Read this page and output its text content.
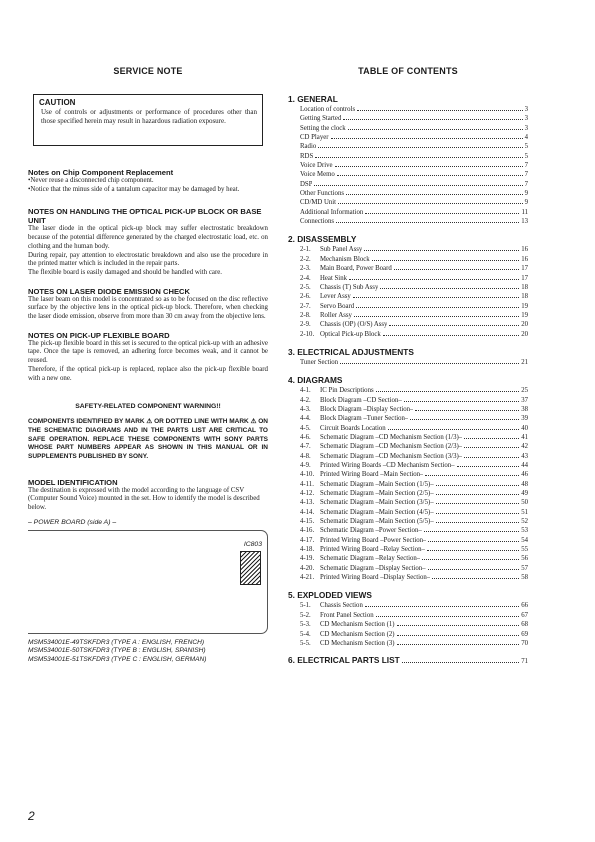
SERVICE NOTE
CAUTION
Use of controls or adjustments or performance of procedures other than those specified herein may result in hazardous radiation exposure.
Notes on Chip Component Replacement
•Never reuse a disconnected chip component.
•Notice that the minus side of a tantalum capacitor may be damaged by heat.
NOTES ON HANDLING THE OPTICAL PICK-UP BLOCK OR BASE UNIT
The laser diode in the optical pick-up block may suffer electrostatic breakdown because of the potential difference generated by the charged electrostatic load, etc. on clothing and the human body.
During repair, pay attention to electrostatic breakdown and also use the procedure in the printed matter which is included in the repair parts.
The flexible board is easily damaged and should be handled with care.
NOTES ON LASER DIODE EMISSION CHECK
The laser beam on this model is concentrated so as to be focused on the disc reflective surface by the objective lens in the optical pick-up block. Therefore, when checking the laser diode emission, observe from more than 30 cm away from the objective lens.
NOTES ON PICK-UP FLEXIBLE BOARD
The pick-up flexible board in this set is secured to the optical pick-up with an adhesive tape. Once the tape is removed, an adhering force becomes weak, and it cannot be reused.
Therefore, if the optical pick-up is replaced, replace also the pick-up flexible board with a new one.
SAFETY-RELATED COMPONENT WARNING!!
COMPONENTS IDENTIFIED BY MARK ⚠ OR DOTTED LINE WITH MARK ⚠ ON THE SCHEMATIC DIAGRAMS AND IN THE PARTS LIST ARE CRITICAL TO SAFE OPERATION. REPLACE THESE COMPONENTS WITH SONY PARTS WHOSE PART NUMBERS APPEAR AS SHOWN IN THIS MANUAL OR IN SUPPLEMENTS PUBLISHED BY SONY.
MODEL IDENTIFICATION
The destination is expressed with the model according to the language of CSV (Computer Sound Voice) mounted in the set. How to identify the model is described below.
– POWER BOARD (side A) –
IC803
MSM534001E-49TSKFDR3 (TYPE A : ENGLISH, FRENCH)
MSM534001E-50TSKFDR3 (TYPE B : ENGLISH, SPANISH)
MSM534001E-51TSKFDR3 (TYPE C : ENGLISH, GERMAN)
2
TABLE OF CONTENTS
1. GENERAL
Location of controls	3
Getting Started	3
Setting the clock	3
CD Player	4
Radio	5
RDS	5
Voice Drive	7
Voice Memo	7
DSP	7
Other Functions	9
CD/MD Unit	9
Additional Information	11
Connections	13
2. DISASSEMBLY
2-1.	Sub Panel Assy	16
2-2.	Mechanism Block	16
2-3.	Main Board, Power Board	17
2-4.	Heat Sink	17
2-5.	Chassis (T) Sub Assy	18
2-6.	Lever Assy	18
2-7.	Servo Board	19
2-8.	Roller Assy	19
2-9.	Chassis (OP) (O/S) Assy	20
2-10. Optical Pick-up Block	20
3. ELECTRICAL ADJUSTMENTS
Tuner Section	21
4. DIAGRAMS
4-1.	IC Pin Descriptions	25
4-2.	Block Diagram –CD Section–	37
4-3.	Block Diagram –Display Section–	38
4-4.	Block Diagram –Tuner Section–	39
4-5.	Circuit Boards Location	40
4-6.	Schematic Diagram –CD Mechanism Section (1/3)–	41
4-7.	Schematic Diagram –CD Mechanism Section (2/3)–	42
4-8.	Schematic Diagram –CD Mechanism Section (3/3)–	43
4-9.	Printed Wiring Boards –CD Mechanism Section–	44
4-10. Printed Wiring Board –Main Section–	46
4-11. Schematic Diagram –Main Section (1/5)–	48
4-12. Schematic Diagram –Main Section (2/5)–	49
4-13. Schematic Diagram –Main Section (3/5)–	50
4-14. Schematic Diagram –Main Section (4/5)–	51
4-15. Schematic Diagram –Main Section (5/5)–	52
4-16. Schematic Diagram –Power Section–	53
4-17. Printed Wiring Board –Power Section–	54
4-18. Printed Wiring Board –Relay Section–	55
4-19. Schematic Diagram –Relay Section–	56
4-20. Schematic Diagram –Display Section–	57
4-21. Printed Wiring Board –Display Section–	58
5. EXPLODED VIEWS
5-1.	Chassis Section	66
5-2.	Front Panel Section	67
5-3.	CD Mechanism Section (1)	68
5-4.	CD Mechanism Section (2)	69
5-5.	CD Mechanism Section (3)	70
6. ELECTRICAL PARTS LIST	71
